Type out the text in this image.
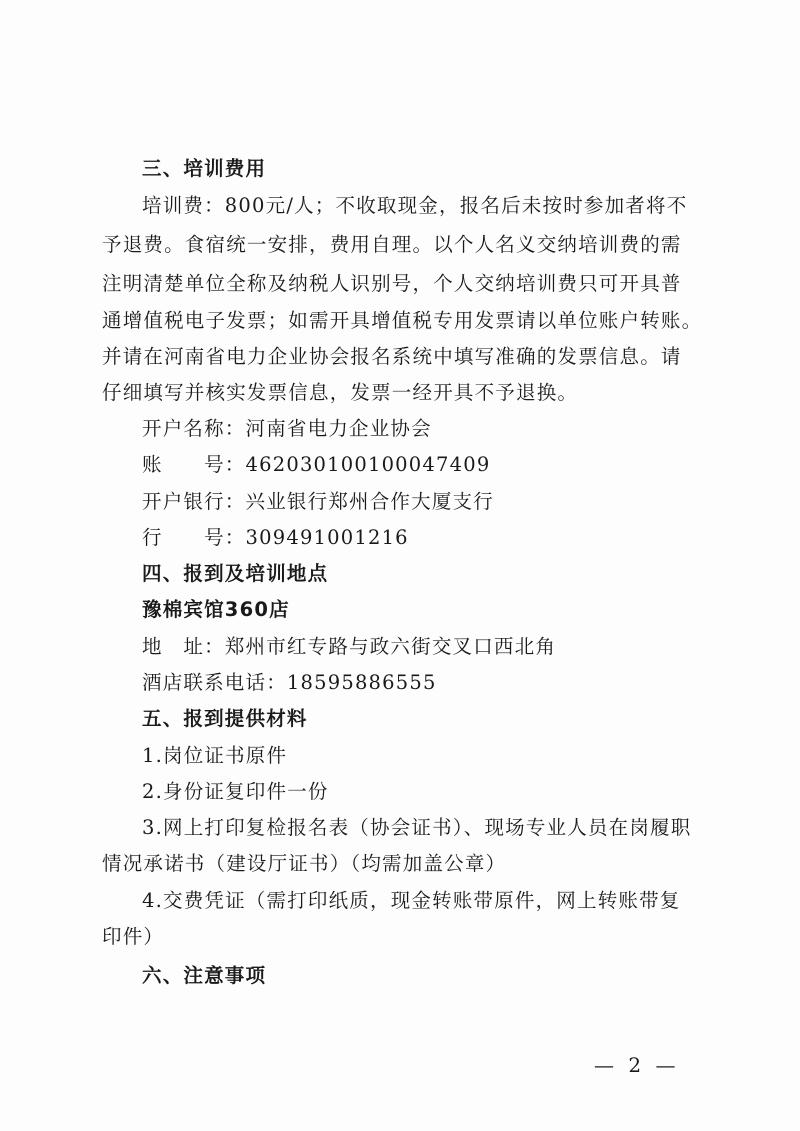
三、培训费用
培训费：800元/人；不收取现金，报名后未按时参加者将不
予退费。食宿统一安排，费用自理。以个人名义交纳培训费的需
注明清楚单位全称及纳税人识别号，个人交纳培训费只可开具普
通增值税电子发票；如需开具增值税专用发票请以单位账户转账。
并请在河南省电力企业协会报名系统中填写准确的发票信息。请
仔细填写并核实发票信息，发票一经开具不予退换。
开户名称：河南省电力企业协会
账　　号：462030100100047409
开户银行：兴业银行郑州合作大厦支行
行　　号：309491001216
四、报到及培训地点
豫棉宾馆360店
地　址：郑州市红专路与政六街交叉口西北角
酒店联系电话：18595886555
五、报到提供材料
1.岗位证书原件
2.身份证复印件一份
3.网上打印复检报名表（协会证书）、现场专业人员在岗履职
情况承诺书（建设厅证书）（均需加盖公章）
4.交费凭证（需打印纸质，现金转账带原件，网上转账带复
印件）
六、注意事项
— 2 —
